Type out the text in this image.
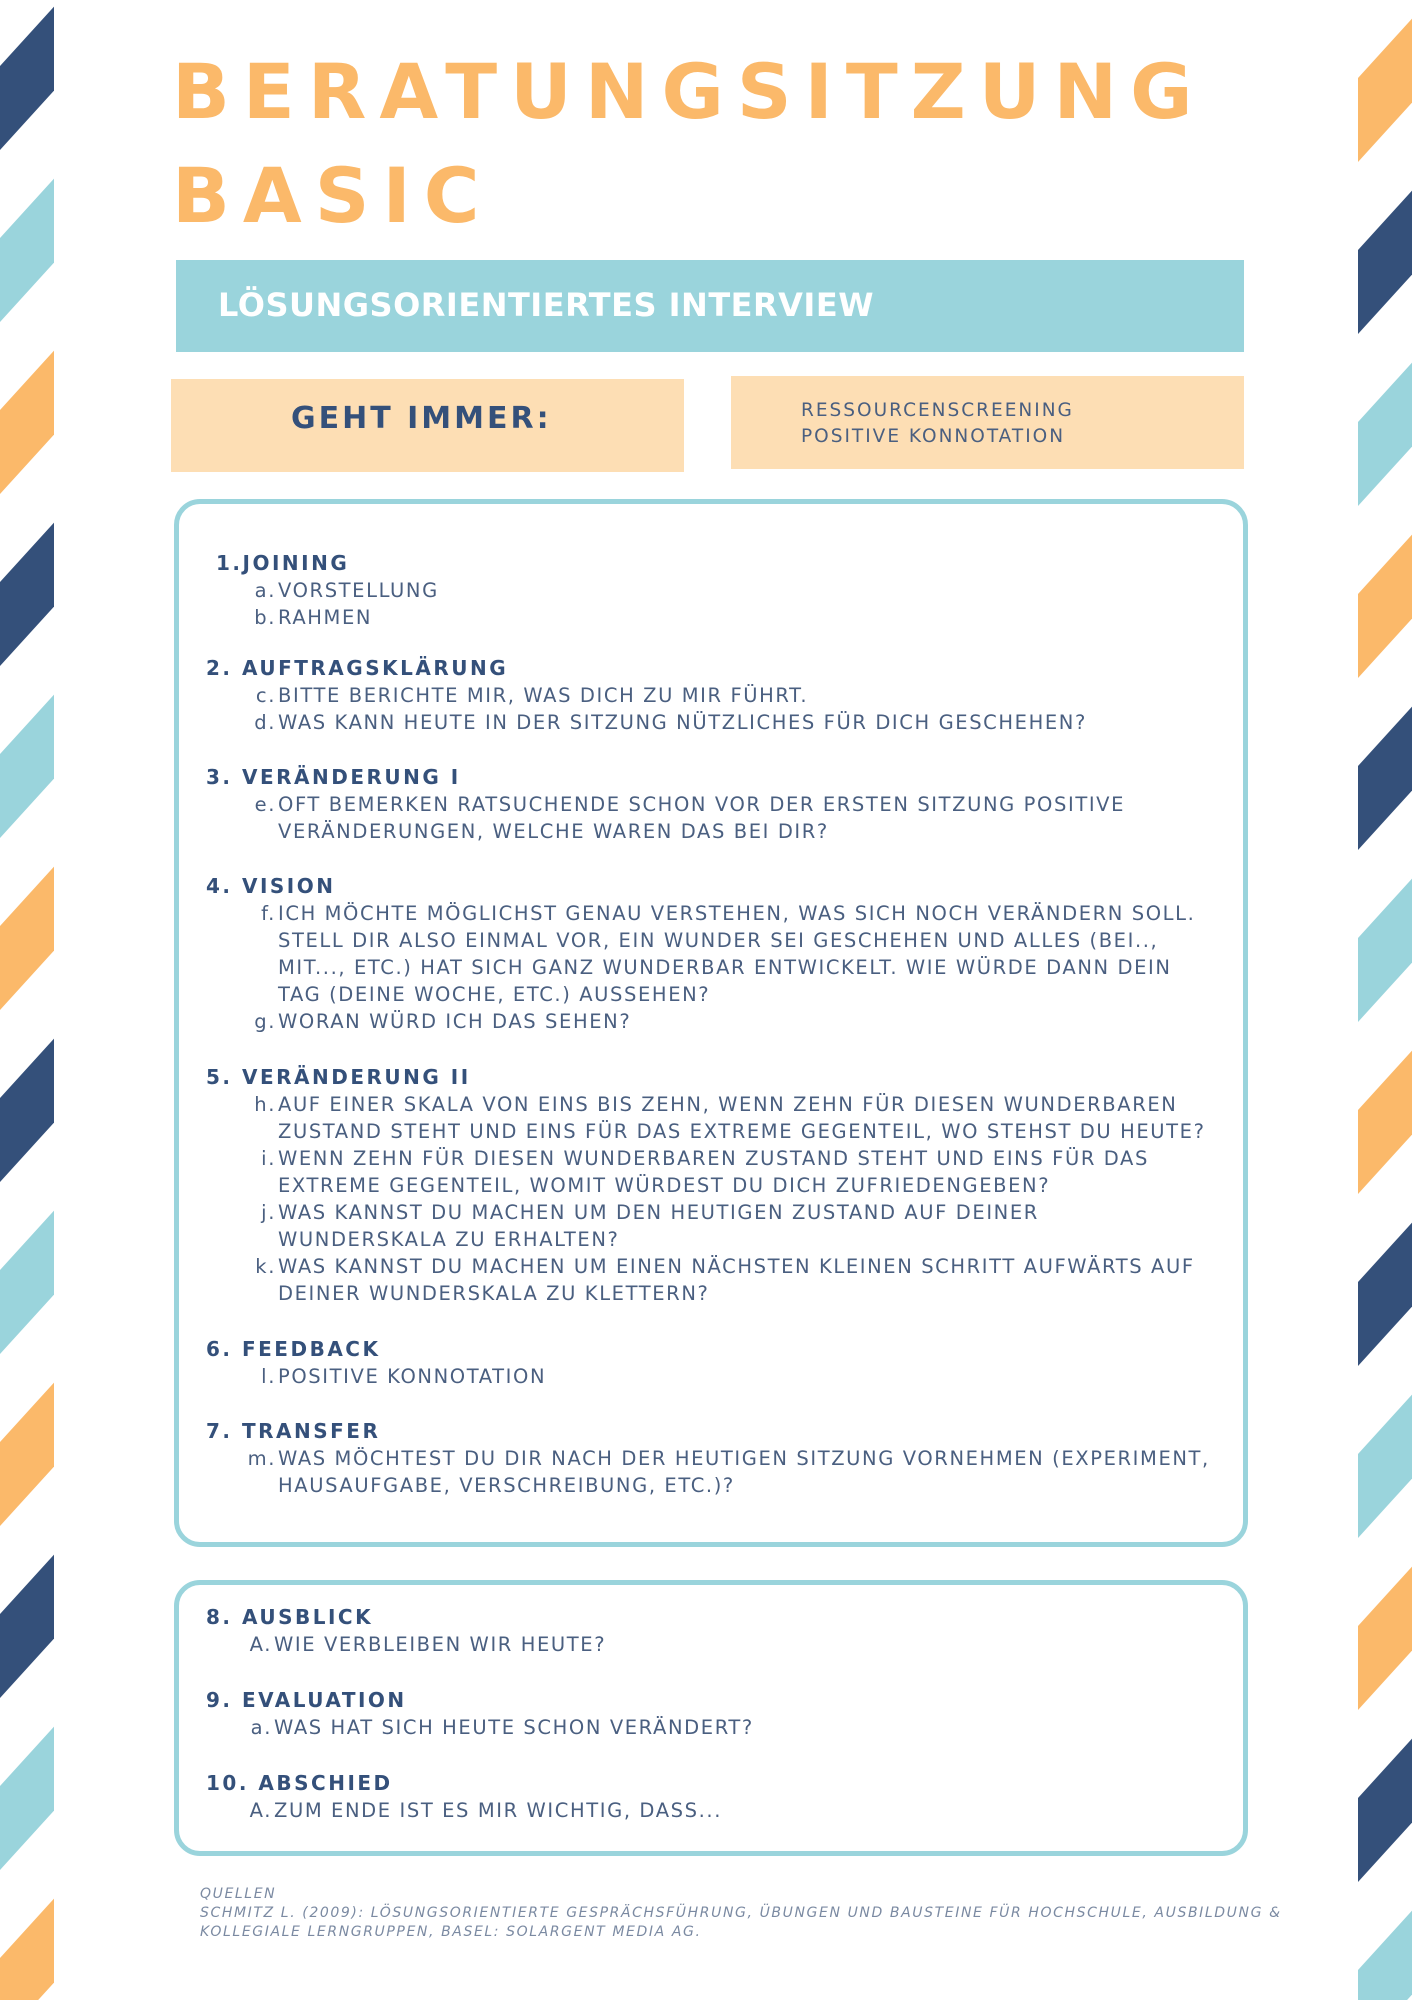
BERATUNGSITZUNG
BASIC
LÖSUNGSORIENTIERTES INTERVIEW
GEHT IMMER:	RESSOURCENSCREENING
POSITIVE KONNOTATION
1.JOINING
a. VORSTELLUNG
b. RAHMEN
2. AUFTRAGSKLÄRUNG
c. BITTE BERICHTE MIR, WAS DICH ZU MIR FÜHRT.
d. WAS KANN HEUTE IN DER SITZUNG NÜTZLICHES FÜR DICH GESCHEHEN?
3. VERÄNDERUNG I
e. OFT BEMERKEN RATSUCHENDE SCHON VOR DER ERSTEN SITZUNG POSITIVE
VERÄNDERUNGEN, WELCHE WAREN DAS BEI DIR?
4. VISION
f. ICH MÖCHTE MÖGLICHST GENAU VERSTEHEN, WAS SICH NOCH VERÄNDERN SOLL.
STELL DIR ALSO EINMAL VOR, EIN WUNDER SEI GESCHEHEN UND ALLES (BEI..,
MIT..., ETC.) HAT SICH GANZ WUNDERBAR ENTWICKELT. WIE WÜRDE DANN DEIN
TAG (DEINE WOCHE, ETC.) AUSSEHEN?
g. WORAN WÜRD ICH DAS SEHEN?
5. VERÄNDERUNG II
h. AUF EINER SKALA VON EINS BIS ZEHN, WENN ZEHN FÜR DIESEN WUNDERBAREN
ZUSTAND STEHT UND EINS FÜR DAS EXTREME GEGENTEIL, WO STEHST DU HEUTE?
i. WENN ZEHN FÜR DIESEN WUNDERBAREN ZUSTAND STEHT UND EINS FÜR DAS
EXTREME GEGENTEIL, WOMIT WÜRDEST DU DICH ZUFRIEDENGEBEN?
j. WAS KANNST DU MACHEN UM DEN HEUTIGEN ZUSTAND AUF DEINER
WUNDERSKALA ZU ERHALTEN?
k. WAS KANNST DU MACHEN UM EINEN NÄCHSTEN KLEINEN SCHRITT AUFWÄRTS AUF
DEINER WUNDERSKALA ZU KLETTERN?
6. FEEDBACK
l. POSITIVE KONNOTATION
7. TRANSFER
m. WAS MÖCHTEST DU DIR NACH DER HEUTIGEN SITZUNG VORNEHMEN (EXPERIMENT,
HAUSAUFGABE, VERSCHREIBUNG, ETC.)?
8. AUSBLICK
A. WIE VERBLEIBEN WIR HEUTE?
9. EVALUATION
a. WAS HAT SICH HEUTE SCHON VERÄNDERT?
10. ABSCHIED
A. ZUM ENDE IST ES MIR WICHTIG, DASS...
QUELLEN
SCHMITZ L. (2009): LÖSUNGSORIENTIERTE GESPRÄCHSFÜHRUNG, ÜBUNGEN UND BAUSTEINE FÜR HOCHSCHULE, AUSBILDUNG &
KOLLEGIALE LERNGRUPPEN, BASEL: SOLARGENT MEDIA AG.
